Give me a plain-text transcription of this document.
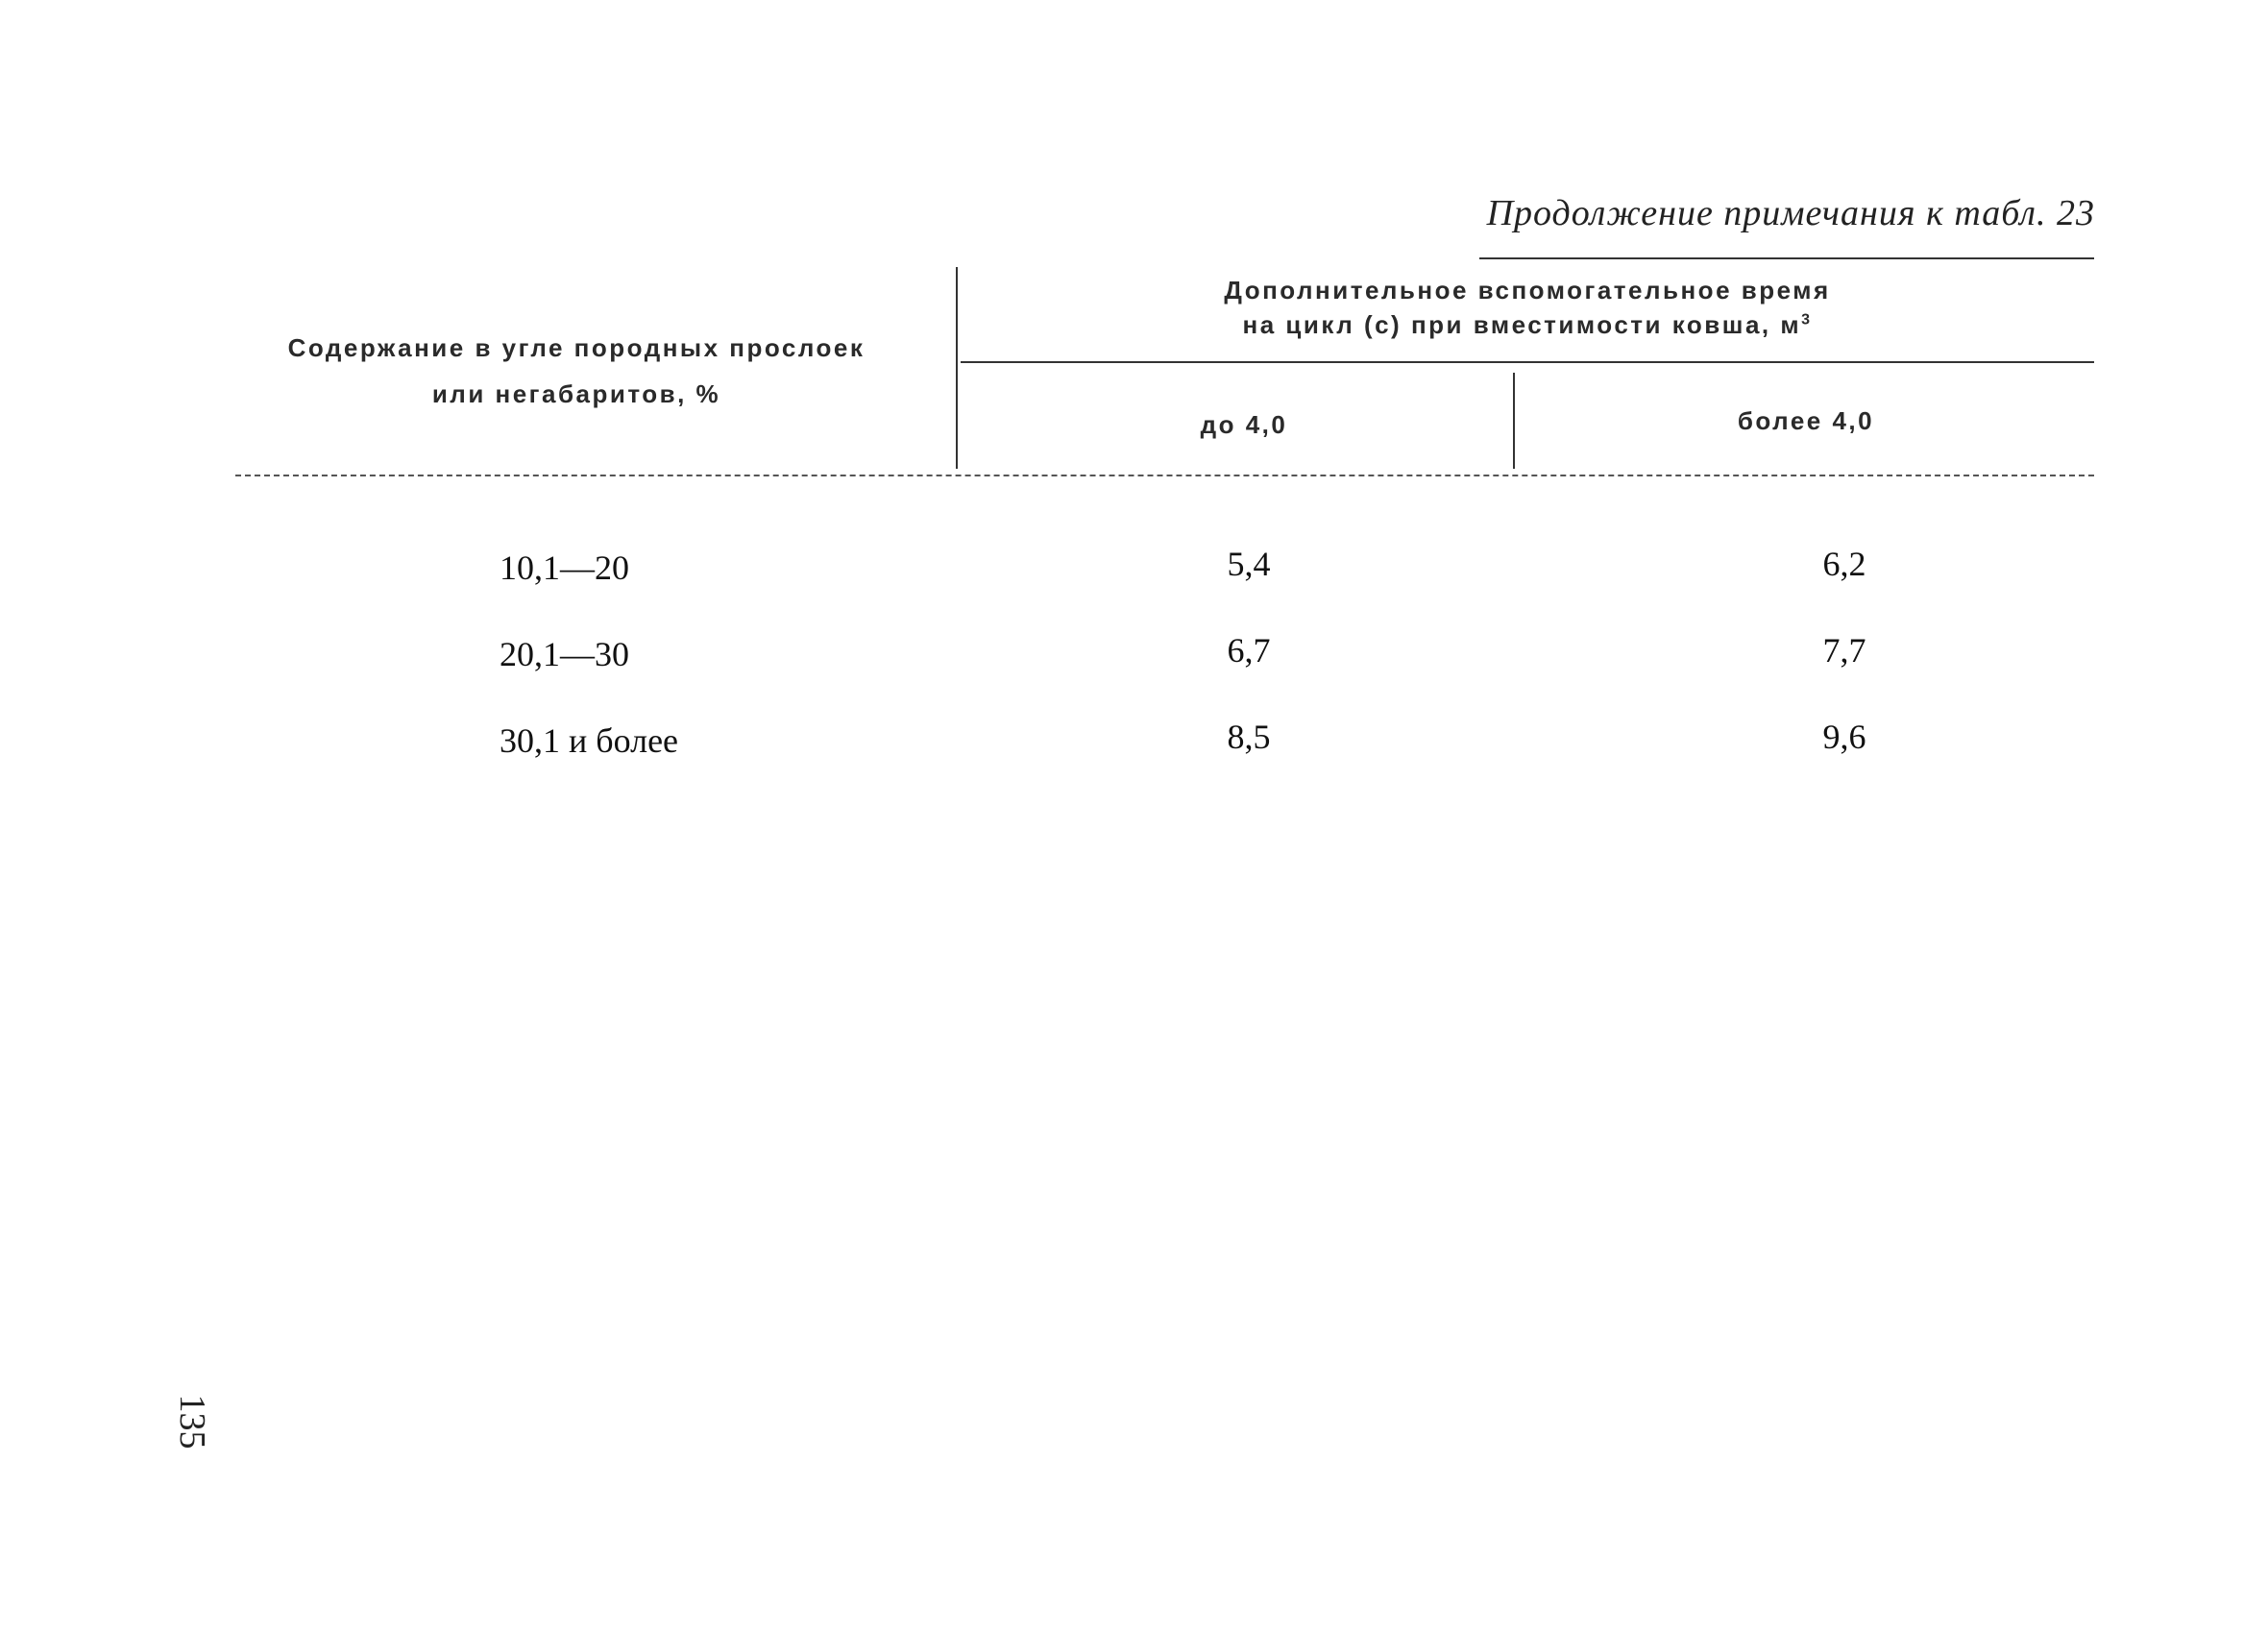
Продолжение примечания к табл. 23
Содержание в угле породных прослоек
или негабаритов, %
Дополнительное вспомогательное время
на цикл (с) при вместимости ковша, $м^3$
до 4,0	более 4,0
10,1—20	5,4	6,2
20,1—30	6,7	7,7
30,1 и более	8,5	9,6
135
